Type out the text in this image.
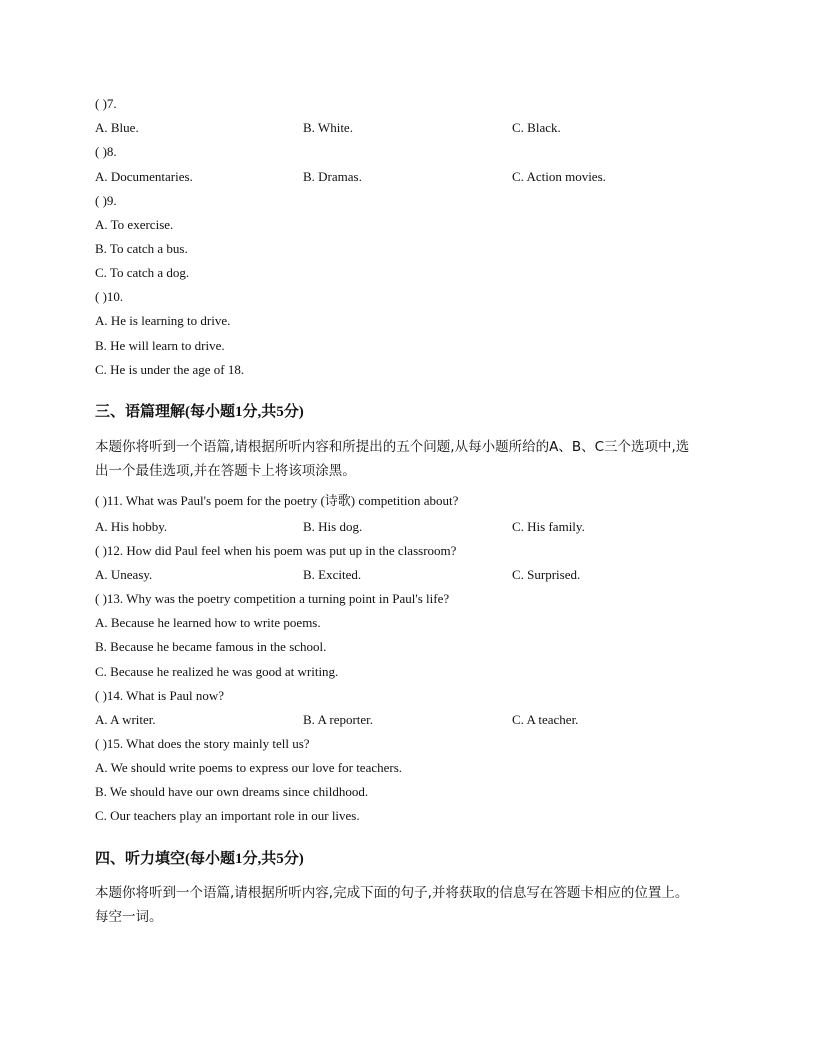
( )7.
A. Blue.	B. White.	C. Black.
( )8.
A. Documentaries.	B. Dramas.	C. Action movies.
( )9.
A. To exercise.
B. To catch a bus.
C. To catch a dog.
( )10.
A. He is learning to drive.
B. He will learn to drive.
C. He is under the age of 18.
三、语篇理解(每小题1分,共5分)
本题你将听到一个语篇,请根据所听内容和所提出的五个问题,从每小题所给的A、B、C三个选项中,选
出一个最佳选项,并在答题卡上将该项涂黑。
( )11. What was Paul's poem for the poetry (诗歌) competition about?
A. His hobby.	B. His dog.	C. His family.
( )12. How did Paul feel when his poem was put up in the classroom?
A. Uneasy.	B. Excited.	C. Surprised.
( )13. Why was the poetry competition a turning point in Paul's life?
A. Because he learned how to write poems.
B. Because he became famous in the school.
C. Because he realized he was good at writing.
( )14. What is Paul now?
A. A writer.	B. A reporter.	C. A teacher.
( )15. What does the story mainly tell us?
A. We should write poems to express our love for teachers.
B. We should have our own dreams since childhood.
C. Our teachers play an important role in our lives.
四、听力填空(每小题1分,共5分)
本题你将听到一个语篇,请根据所听内容,完成下面的句子,并将获取的信息写在答题卡相应的位置上。
每空一词。
